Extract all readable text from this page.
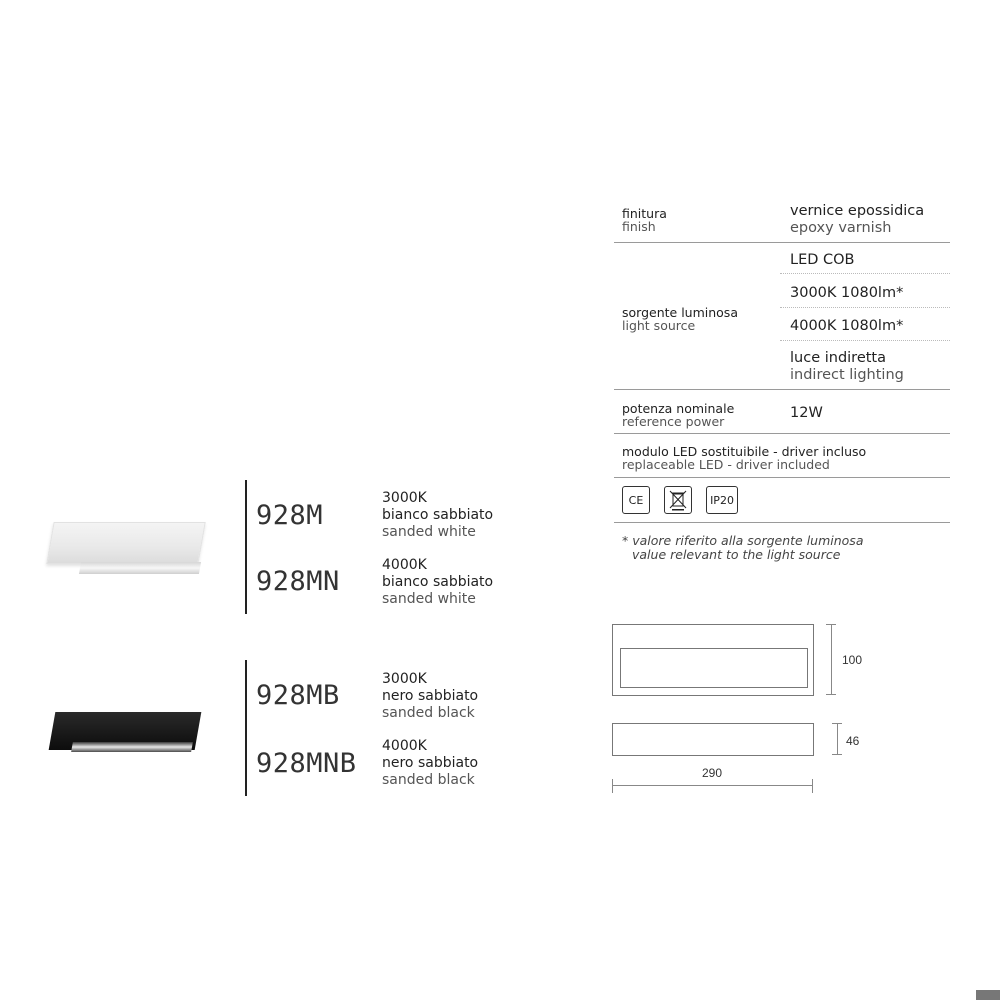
928M
3000K
bianco sabbiato
sanded white
928MN
4000K
bianco sabbiato
sanded white
928MB
3000K
nero sabbiato
sanded black
928MNB
4000K
nero sabbiato
sanded black
finitura
finish
vernice epossidica
epoxy varnish
LED COB
3000K 1080lm*
sorgente luminosa
light source	4000K 1080lm*
luce indiretta
indirect lighting
potenza nominale
reference power
12W
modulo LED sostituibile - driver incluso
replaceable LED - driver included
CE	IP20
* valore riferito alla sorgente luminosa
value relevant to the light source
100
46
290
